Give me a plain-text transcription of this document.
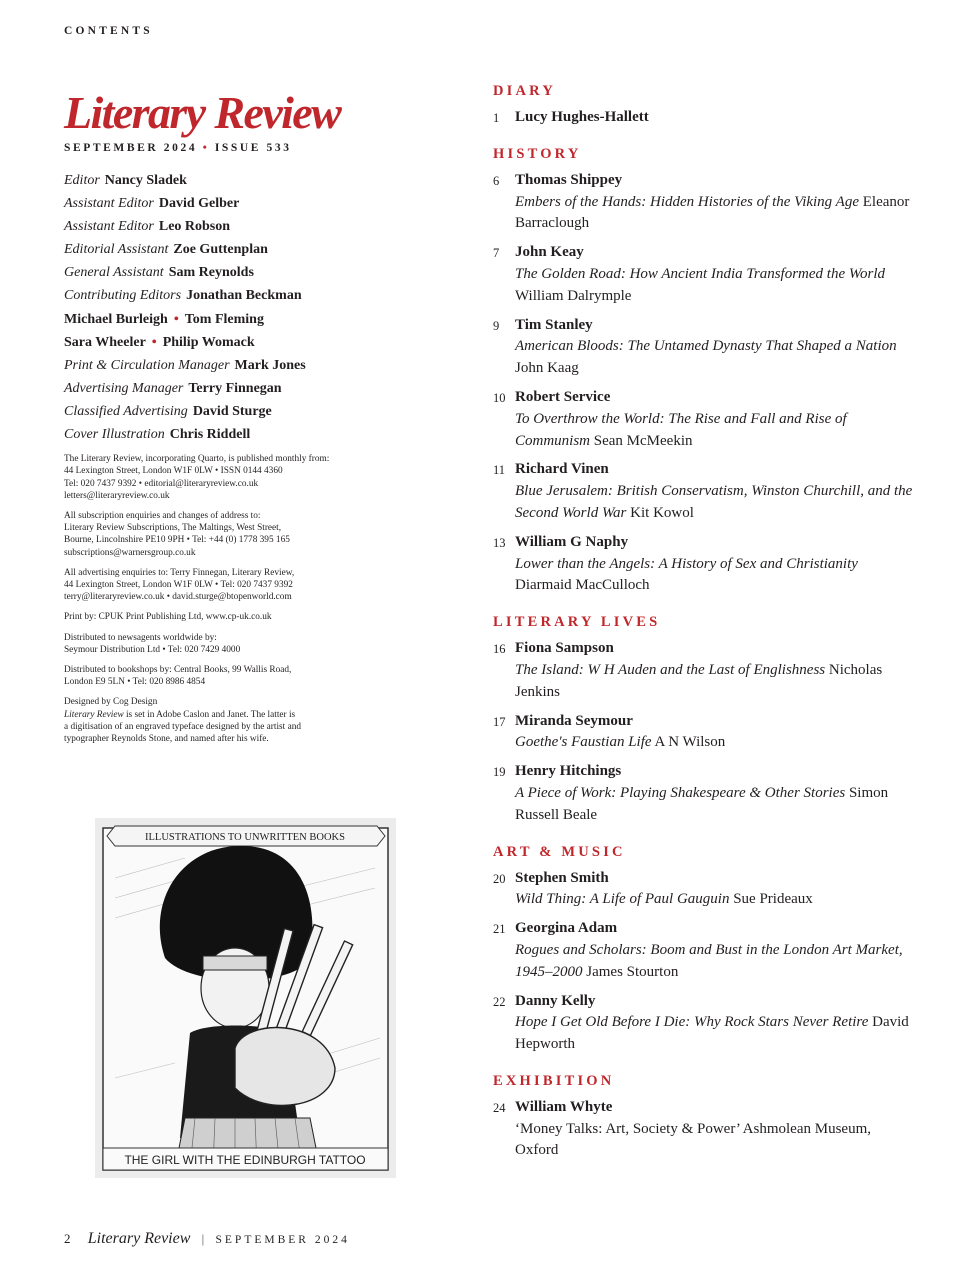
CONTENTS
Literary Review
SEPTEMBER 2024 • ISSUE 533
Editor Nancy Sladek
Assistant Editor David Gelber
Assistant Editor Leo Robson
Editorial Assistant Zoe Guttenplan
General Assistant Sam Reynolds
Contributing Editors Jonathan Beckman
Michael Burleigh • Tom Fleming
Sara Wheeler • Philip Womack
Print & Circulation Manager Mark Jones
Advertising Manager Terry Finnegan
Classified Advertising David Sturge
Cover Illustration Chris Riddell

The Literary Review, incorporating Quarto, is published monthly from:
44 Lexington Street, London W1F 0LW • ISSN 0144 4360
Tel: 020 7437 9392 • editorial@literaryreview.co.uk
letters@literaryreview.co.uk

All subscription enquiries and changes of address to:
Literary Review Subscriptions, The Maltings, West Street,
Bourne, Lincolnshire PE10 9PH • Tel: +44 (0) 1778 395 165
subscriptions@warnersgroup.co.uk

All advertising enquiries to: Terry Finnegan, Literary Review,
44 Lexington Street, London W1F 0LW • Tel: 020 7437 9392
terry@literaryreview.co.uk • david.sturge@btopenworld.com

Print by: CPUK Print Publishing Ltd, www.cp-uk.co.uk

Distributed to newsagents worldwide by:
Seymour Distribution Ltd • Tel: 020 7429 4000

Distributed to bookshops by: Central Books, 99 Wallis Road,
London E9 5LN • Tel: 020 8986 4854

Designed by Cog Design
Literary Review is set in Adobe Caslon and Janet. The latter is
a digitisation of an engraved typeface designed by the artist and
typographer Reynolds Stone, and named after his wife.

ILLUSTRATIONS TO UNWRITTEN BOOKS
THE GIRL WITH THE EDINBURGH TATTOO
2 Literary Review | SEPTEMBER 2024
DIARY
1 Lucy Hughes-Hallett
HISTORY
6 Thomas Shippey
Embers of the Hands: Hidden Histories of the Viking Age Eleanor Barraclough
7 John Keay
The Golden Road: How Ancient India Transformed the World William Dalrymple
9 Tim Stanley
American Bloods: The Untamed Dynasty That Shaped a Nation John Kaag
10 Robert Service
To Overthrow the World: The Rise and Fall and Rise of Communism Sean McMeekin
11 Richard Vinen
Blue Jerusalem: British Conservatism, Winston Churchill, and the Second World War Kit Kowol
13 William G Naphy
Lower than the Angels: A History of Sex and Christianity Diarmaid MacCulloch
LITERARY LIVES
16 Fiona Sampson
The Island: W H Auden and the Last of Englishness Nicholas Jenkins
17 Miranda Seymour
Goethe's Faustian Life A N Wilson
19 Henry Hitchings
A Piece of Work: Playing Shakespeare & Other Stories Simon Russell Beale
ART & MUSIC
20 Stephen Smith
Wild Thing: A Life of Paul Gauguin Sue Prideaux
21 Georgina Adam
Rogues and Scholars: Boom and Bust in the London Art Market, 1945–2000 James Stourton
22 Danny Kelly
Hope I Get Old Before I Die: Why Rock Stars Never Retire David Hepworth
EXHIBITION
24 William Whyte
‘Money Talks: Art, Society & Power’ Ashmolean Museum, Oxford
